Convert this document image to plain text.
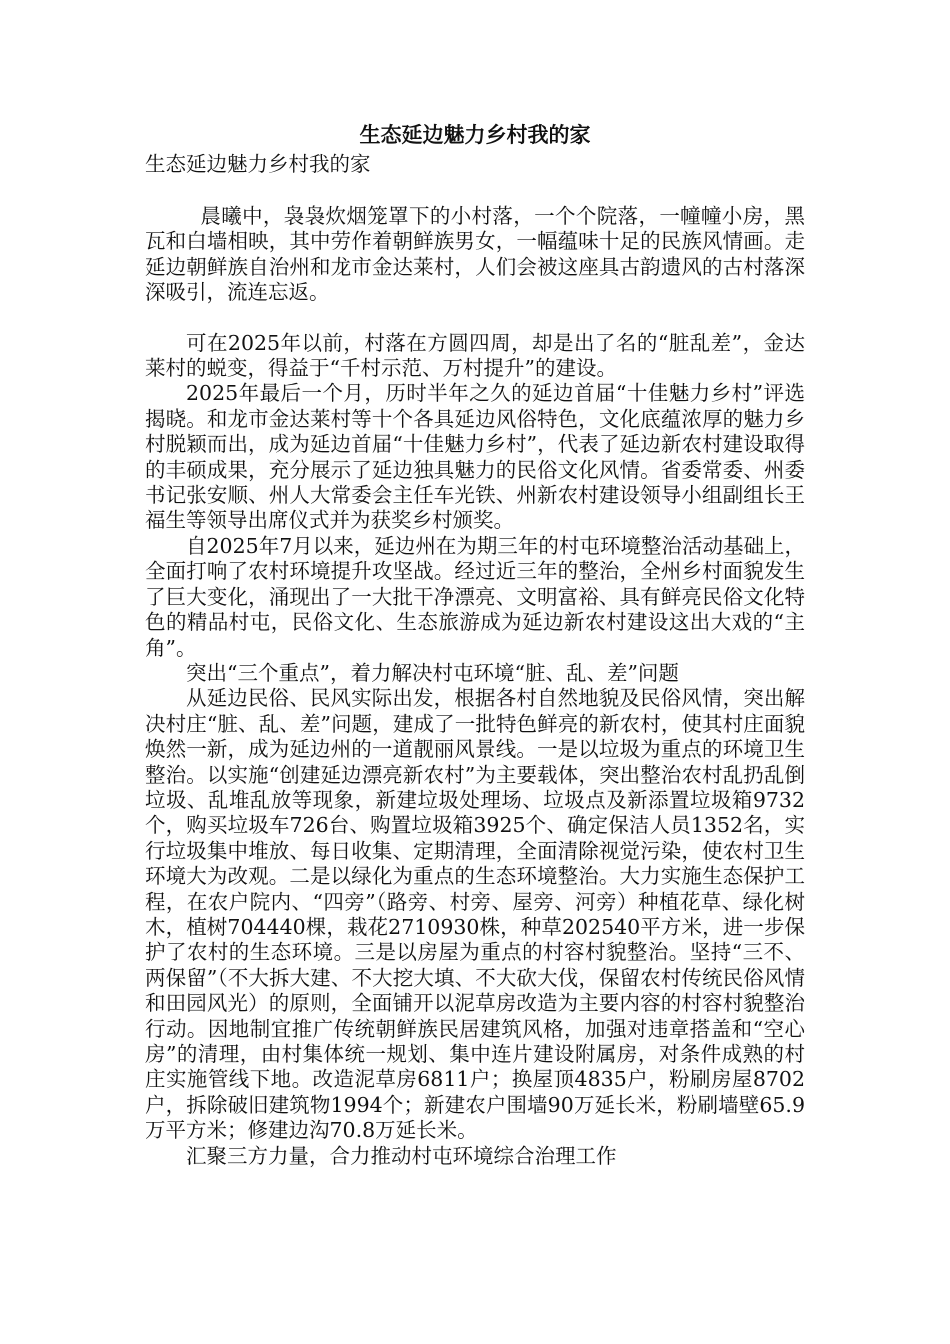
生态延边魅力乡村我的家

生态延边魅力乡村我的家

晨曦中，袅袅炊烟笼罩下的小村落，一个个院落，一幢幢小房，黑瓦和白墙相映，其中劳作着朝鲜族男女，一幅蕴味十足的民族风情画。走延边朝鲜族自治州和龙市金达莱村，人们会被这座具古韵遗风的古村落深深吸引，流连忘返。

可在2025年以前，村落在方圆四周，却是出了名的“脏乱差”，金达莱村的蜕变，得益于“千村示范、万村提升”的建设。

2025年最后一个月，历时半年之久的延边首届“十佳魅力乡村”评选揭晓。和龙市金达莱村等十个各具延边风俗特色，文化底蕴浓厚的魅力乡村脱颖而出，成为延边首届“十佳魅力乡村”，代表了延边新农村建设取得的丰硕成果，充分展示了延边独具魅力的民俗文化风情。省委常委、州委书记张安顺、州人大常委会主任车光铁、州新农村建设领导小组副组长王福生等领导出席仪式并为获奖乡村颁奖。

自2025年7月以来，延边州在为期三年的村屯环境整治活动基础上，全面打响了农村环境提升攻坚战。经过近三年的整治，全州乡村面貌发生了巨大变化，涌现出了一大批干净漂亮、文明富裕、具有鲜亮民俗文化特色的精品村屯，民俗文化、生态旅游成为延边新农村建设这出大戏的“主角”。

突出“三个重点”，着力解决村屯环境“脏、乱、差”问题

从延边民俗、民风实际出发，根据各村自然地貌及民俗风情，突出解决村庄“脏、乱、差”问题，建成了一批特色鲜亮的新农村，使其村庄面貌焕然一新，成为延边州的一道靓丽风景线。一是以垃圾为重点的环境卫生整治。以实施“创建延边漂亮新农村”为主要载体，突出整治农村乱扔乱倒垃圾、乱堆乱放等现象，新建垃圾处理场、垃圾点及新添置垃圾箱9732个，购买垃圾车726台、购置垃圾箱3925个、确定保洁人员1352名，实行垃圾集中堆放、每日收集、定期清理，全面清除视觉污染，使农村卫生环境大为改观。二是以绿化为重点的生态环境整治。大力实施生态保护工程，在农户院内、“四旁”（路旁、村旁、屋旁、河旁）种植花草、绿化树木，植树704440棵，栽花2710930株，种草202540平方米，进一步保护了农村的生态环境。三是以房屋为重点的村容村貌整治。坚持“三不、两保留”（不大拆大建、不大挖大填、不大砍大伐，保留农村传统民俗风情和田园风光）的原则，全面铺开以泥草房改造为主要内容的村容村貌整治行动。因地制宜推广传统朝鲜族民居建筑风格，加强对违章搭盖和“空心房”的清理，由村集体统一规划、集中连片建设附属房，对条件成熟的村庄实施管线下地。改造泥草房6811户；换屋顶4835户，粉刷房屋8702户，拆除破旧建筑物1994个；新建农户围墙90万延长米，粉刷墙壁65.9万平方米；修建边沟70.8万延长米。

汇聚三方力量，合力推动村屯环境综合治理工作
